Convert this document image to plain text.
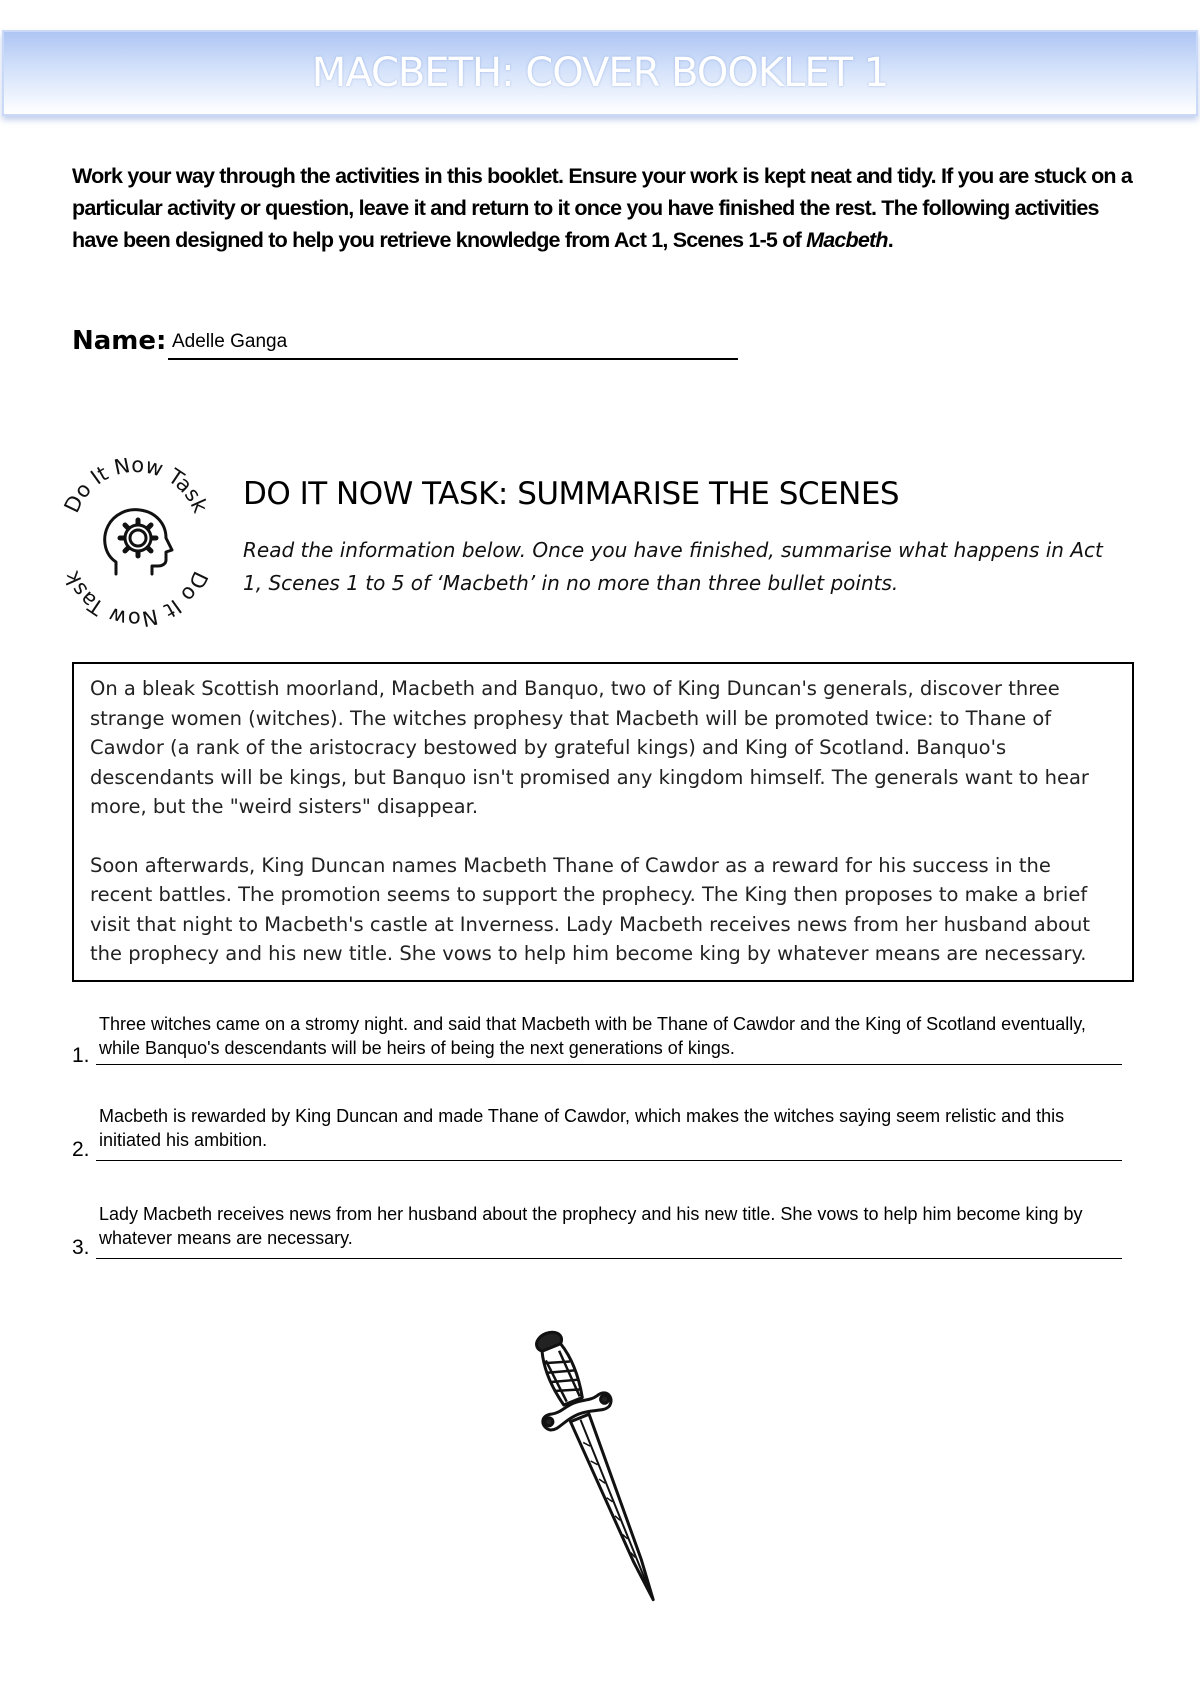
MACBETH: COVER BOOKLET 1

Work your way through the activities in this booklet. Ensure your work is kept neat and tidy. If you are stuck on a particular activity or question, leave it and return to it once you have finished the rest. The following activities have been designed to help you retrieve knowledge from Act 1, Scenes 1-5 of Macbeth.

Name: Adelle Ganga
Do It Now Task
Do It Now Task
DO IT NOW TASK: SUMMARISE THE SCENES
Read the information below. Once you have finished, summarise what happens in Act 1, Scenes 1 to 5 of ‘Macbeth’ in no more than three bullet points.

On a bleak Scottish moorland, Macbeth and Banquo, two of King Duncan's generals, discover three strange women (witches). The witches prophesy that Macbeth will be promoted twice: to Thane of Cawdor (a rank of the aristocracy bestowed by grateful kings) and King of Scotland. Banquo's descendants will be kings, but Banquo isn't promised any kingdom himself. The generals want to hear more, but the "weird sisters" disappear.

Soon afterwards, King Duncan names Macbeth Thane of Cawdor as a reward for his success in the recent battles. The promotion seems to support the prophecy. The King then proposes to make a brief visit that night to Macbeth's castle at Inverness. Lady Macbeth receives news from her husband about the prophecy and his new title. She vows to help him become king by whatever means are necessary.

1.
Three witches came on a stromy night. and said that Macbeth with be Thane of Cawdor and the King of Scotland eventually, while Banquo's descendants will be heirs of being the next generations of kings.
2.
Macbeth is rewarded by King Duncan and made Thane of Cawdor, which makes the witches saying seem relistic and this initiated his ambition.
3.
Lady Macbeth receives news from her husband about the prophecy and his new title. She vows to help him become king by whatever means are necessary.
